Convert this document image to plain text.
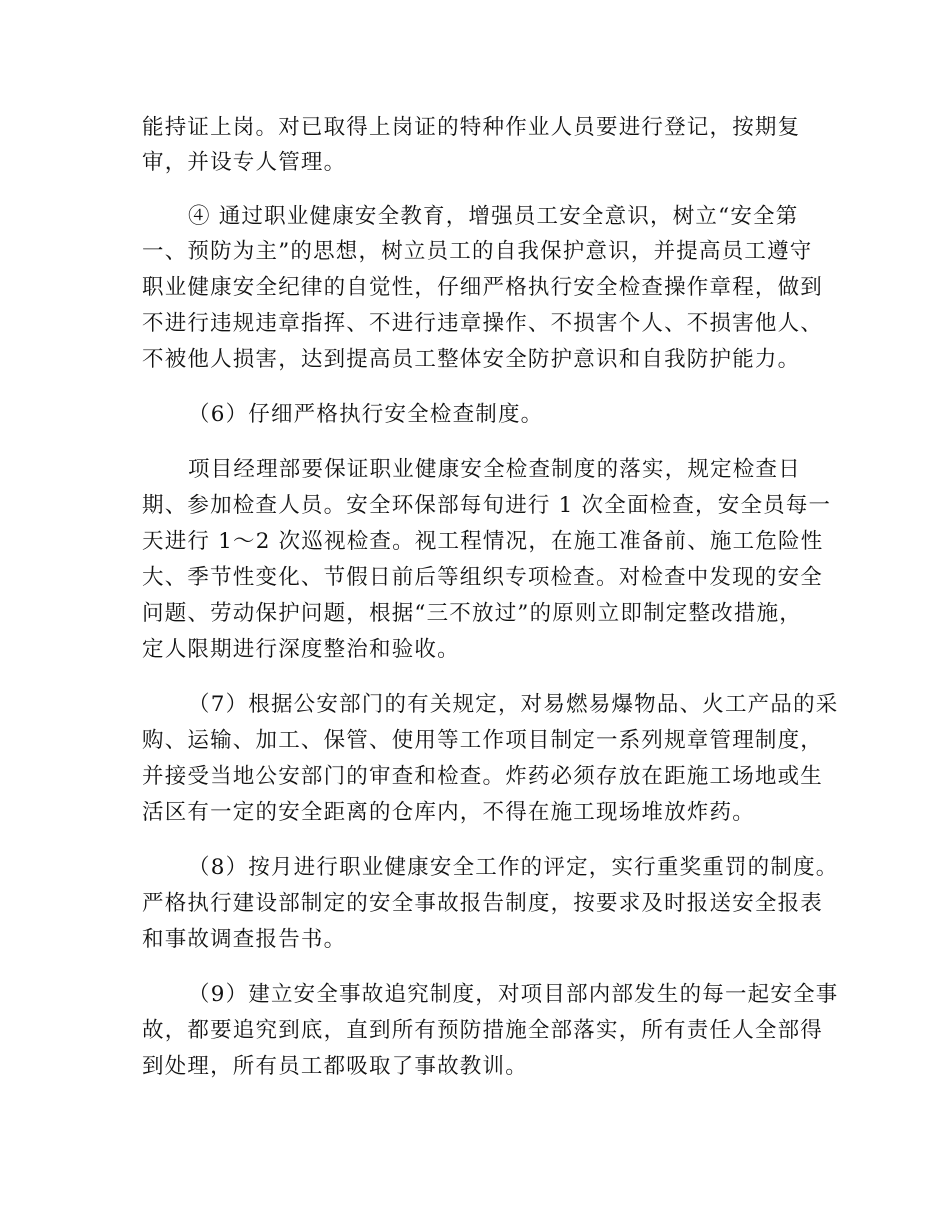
能持证上岗。对已取得上岗证的特种作业人员要进行登记，按期复
审，并设专人管理。
④ 通过职业健康安全教育，增强员工安全意识，树立“安全第
一、预防为主”的思想，树立员工的自我保护意识，并提高员工遵守
职业健康安全纪律的自觉性，仔细严格执行安全检查操作章程，做到
不进行违规违章指挥、不进行违章操作、不损害个人、不损害他人、
不被他人损害，达到提高员工整体安全防护意识和自我防护能力。
（6）仔细严格执行安全检查制度。
项目经理部要保证职业健康安全检查制度的落实，规定检查日
期、参加检查人员。安全环保部每旬进行 1 次全面检查，安全员每一
天进行 1～2 次巡视检查。视工程情况，在施工准备前、施工危险性
大、季节性变化、节假日前后等组织专项检查。对检查中发现的安全
问题、劳动保护问题，根据“三不放过”的原则立即制定整改措施，
定人限期进行深度整治和验收。
（7）根据公安部门的有关规定，对易燃易爆物品、火工产品的采
购、运输、加工、保管、使用等工作项目制定一系列规章管理制度，
并接受当地公安部门的审查和检查。炸药必须存放在距施工场地或生
活区有一定的安全距离的仓库内，不得在施工现场堆放炸药。
（8）按月进行职业健康安全工作的评定，实行重奖重罚的制度。
严格执行建设部制定的安全事故报告制度，按要求及时报送安全报表
和事故调查报告书。
（9）建立安全事故追究制度，对项目部内部发生的每一起安全事
故，都要追究到底，直到所有预防措施全部落实，所有责任人全部得
到处理，所有员工都吸取了事故教训。
